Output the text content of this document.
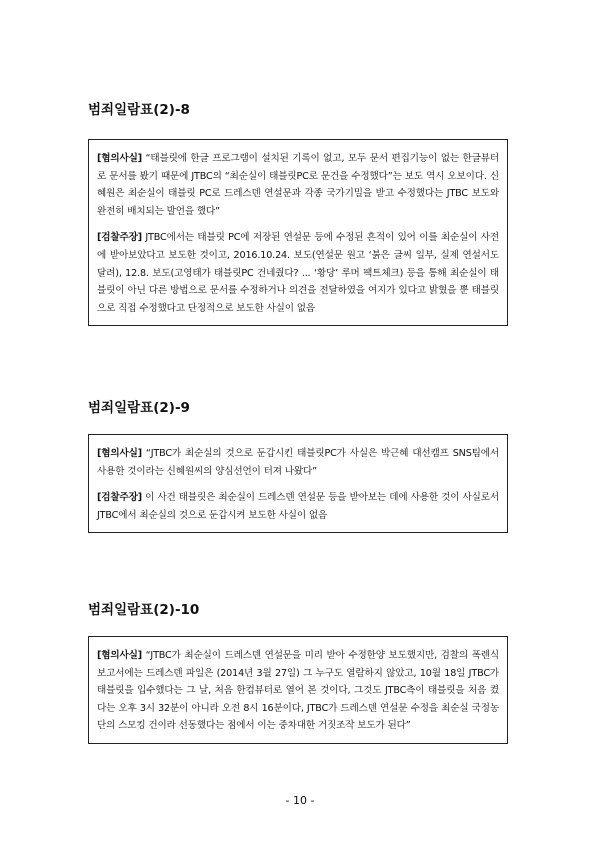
범죄일람표(2)-8

[혐의사실] “태블릿에 한글 프로그램이 설치된 기록이 없고, 모두 문서 편집기능이 없는 한글뷰터로 문서를 봤기 때문에 JTBC의 “최순실이 태블릿PC로 문건을 수정했다”는 보도 역시 오보이다. 신혜원은 최순실이 태블릿 PC로 드레스덴 연설문과 각종 국가기밀을 받고 수정했다는 JTBC 보도와 완전히 배치되는 발언을 했다”

[검찰주장] JTBC에서는 태블릿 PC에 저장된 연설문 등에 수정된 흔적이 있어 이를 최순실이 사전에 받아보았다고 보도한 것이고, 2016.10.24. 보도(연설문 원고 ‘붉은 글씨 일부, 실제 연설서도 달려), 12.8. 보도(고영태가 태블릿PC 건네줬다? ... ‘황당’ 루머 팩트체크) 등을 통해 최순실이 태블릿이 아닌 다른 방법으로 문서를 수정하거나 의견을 전달하였을 여지가 있다고 밝혔을 뿐 태블릿으로 직접 수정했다고 단정적으로 보도한 사실이 없음

범죄일람표(2)-9

[혐의사실] “JTBC가 최순실의 것으로 둔갑시킨 태블릿PC가 사실은 박근혜 대선캠프 SNS팀에서 사용한 것이라는 신혜원씨의 양심선언이 터져 나왔다”

[검찰주장] 이 사건 태블릿은 최순실이 드레스덴 연설문 등을 받아보는 데에 사용한 것이 사실로서 JTBC에서 최순실의 것으로 둔갑시켜 보도한 사실이 없음

범죄일람표(2)-10

[혐의사실] “JTBC가 최순실이 드레스덴 연설문을 미리 받아 수정한양 보도했지만, 검찰의 폭렌식 보고서에는 드레스덴 파일은 (2014년 3월 27일) 그 누구도 열람하지 않았고, 10월 18일 JTBC가 태블릿을 입수했다는 그 날, 처음 한컴뷰터로 열어 본 것이다, 그것도 JTBC측이 태블릿을 처음 켰다는 오후 3시 32분이 아니라 오전 8시 16분이다, JTBC가 드레스덴 연설문 수정을 최순실 국정농단의 스모킹 건이라 선동했다는 점에서 이는 중차대한 거짓조작 보도가 된다”

- 10 -
